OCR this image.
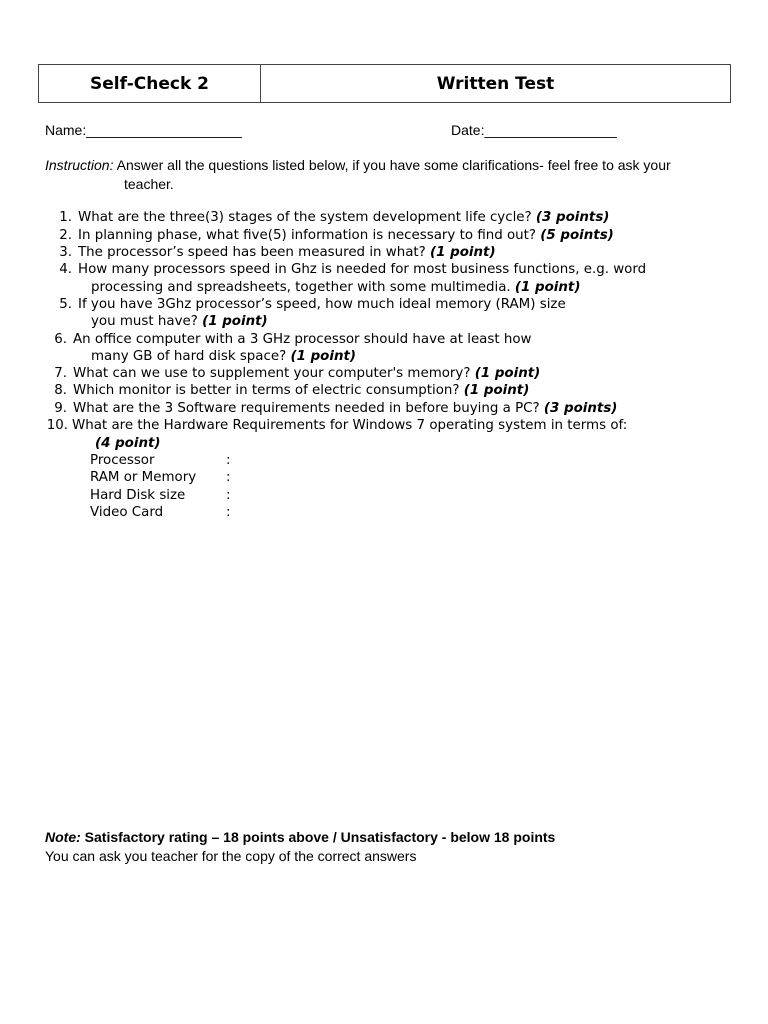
Self-Check 2	Written Test
Name:____________________	Date:_________________
Instruction: Answer all the questions listed below, if you have some clarifications- feel free to ask your
teacher.
1. What are the three(3) stages of the system development life cycle? (3 points)
2. In planning phase, what five(5) information is necessary to find out? (5 points)
3. The processor’s speed has been measured in what? (1 point)
4. How many processors speed in Ghz is needed for most business functions, e.g. word
processing and spreadsheets, together with some multimedia. (1 point)
5. If you have 3Ghz processor’s speed, how much ideal memory (RAM) size
you must have? (1 point)
6. An office computer with a 3 GHz processor should have at least how
many GB of hard disk space? (1 point)
7. What can we use to supplement your computer's memory? (1 point)
8. Which monitor is better in terms of electric consumption? (1 point)
9. What are the 3 Software requirements needed in before buying a PC? (3 points)
10. What are the Hardware Requirements for Windows 7 operating system in terms of:
(4 point)
Processor	:
RAM or Memory :
Hard Disk size	:
Video Card	:
Note: Satisfactory rating – 18 points above / Unsatisfactory - below 18 points
You can ask you teacher for the copy of the correct answers
